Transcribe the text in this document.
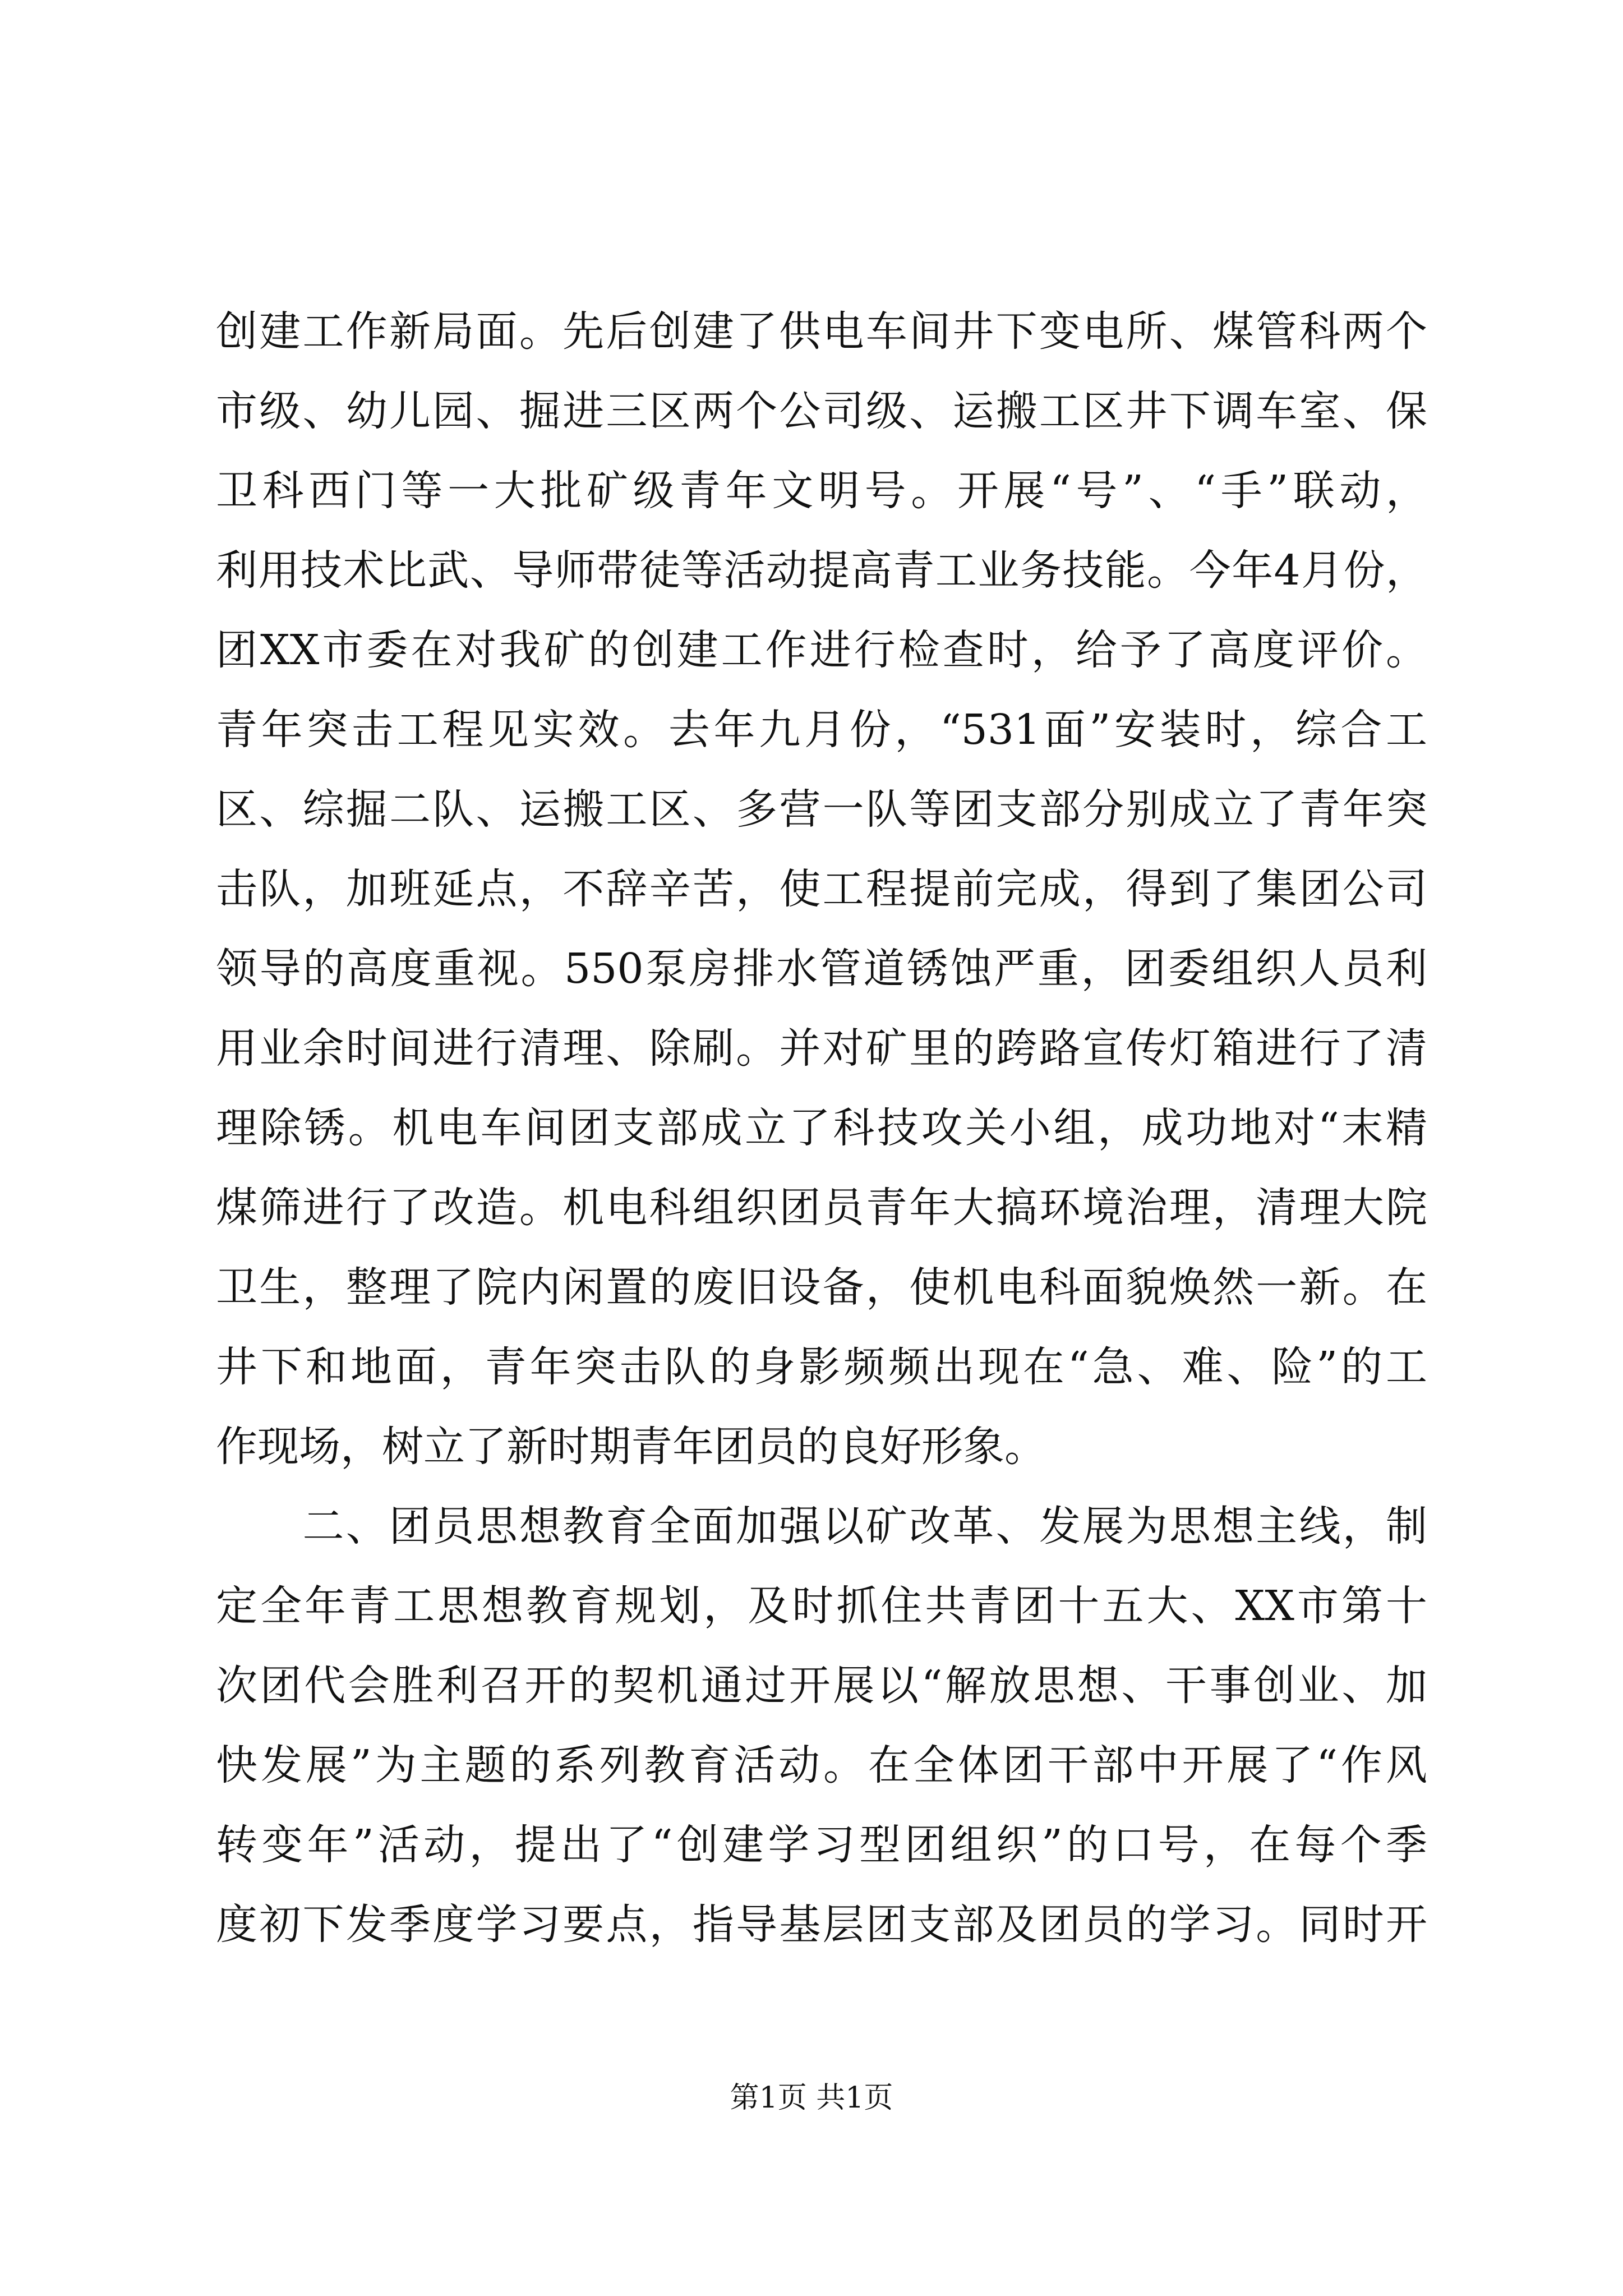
创建工作新局面。先后创建了供电车间井下变电所、煤管科两个
市级、幼儿园、掘进三区两个公司级、运搬工区井下调车室、保
卫科西门等一大批矿级青年文明号。开展“号”、“手”联动，
利用技术比武、导师带徒等活动提高青工业务技能。今年4月份，
团XX市委在对我矿的创建工作进行检查时，给予了高度评价。
青年突击工程见实效。去年九月份，“531面”安装时，综合工
区、综掘二队、运搬工区、多营一队等团支部分别成立了青年突
击队，加班延点，不辞辛苦，使工程提前完成，得到了集团公司
领导的高度重视。550泵房排水管道锈蚀严重，团委组织人员利
用业余时间进行清理、除刷。并对矿里的跨路宣传灯箱进行了清
理除锈。机电车间团支部成立了科技攻关小组，成功地对“末精
煤筛进行了改造。机电科组织团员青年大搞环境治理，清理大院
卫生，整理了院内闲置的废旧设备，使机电科面貌焕然一新。在
井下和地面，青年突击队的身影频频出现在“急、难、险”的工
作现场，树立了新时期青年团员的良好形象。
　　二、团员思想教育全面加强以矿改革、发展为思想主线，制
定全年青工思想教育规划，及时抓住共青团十五大、XX市第十
次团代会胜利召开的契机通过开展以“解放思想、干事创业、加
快发展”为主题的系列教育活动。在全体团干部中开展了“作风
转变年”活动，提出了“创建学习型团组织”的口号，在每个季
度初下发季度学习要点，指导基层团支部及团员的学习。同时开
第1页 共1页
